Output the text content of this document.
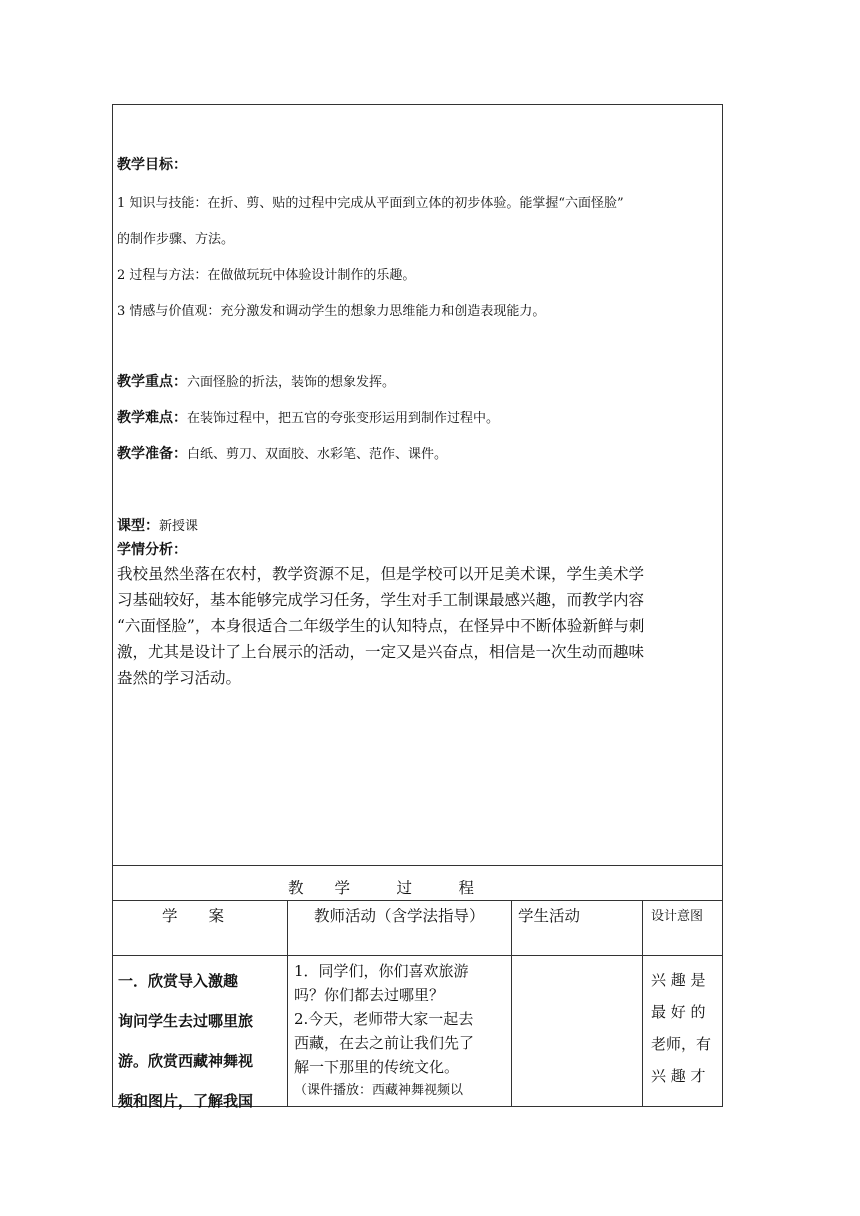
教学目标：
1 知识与技能：在折、剪、贴的过程中完成从平面到立体的初步体验。能掌握“六面怪脸”
的制作步骤、方法。
2 过程与方法：在做做玩玩中体验设计制作的乐趣。
3 情感与价值观：充分激发和调动学生的想象力思维能力和创造表现能力。
教学重点：六面怪脸的折法，装饰的想象发挥。
教学难点：在装饰过程中，把五官的夸张变形运用到制作过程中。
教学准备：白纸、剪刀、双面胶、水彩笔、范作、课件。
课型：新授课
学情分析：
我校虽然坐落在农村，教学资源不足，但是学校可以开足美术课，学生美术学
习基础较好，基本能够完成学习任务，学生对手工制课最感兴趣，而教学内容
“六面怪脸”，本身很适合二年级学生的认知特点，在怪异中不断体验新鲜与刺
激，尤其是设计了上台展示的活动，一定又是兴奋点，相信是一次生动而趣味
盎然的学习活动。
教　　学　　　过　　　程
学　　案	教师活动（含学法指导） 学生活动	设计意图
一．欣赏导入激趣
询问学生去过哪里旅
游。欣赏西藏神舞视
频和图片，了解我国
1．同学们，你们喜欢旅游
吗？你们都去过哪里？
2.今天，老师带大家一起去
西藏，在去之前让我们先了
解一下那里的传统文化。
（课件播放：西藏神舞视频以
兴 趣 是
最 好 的
老师，有
兴 趣 才
